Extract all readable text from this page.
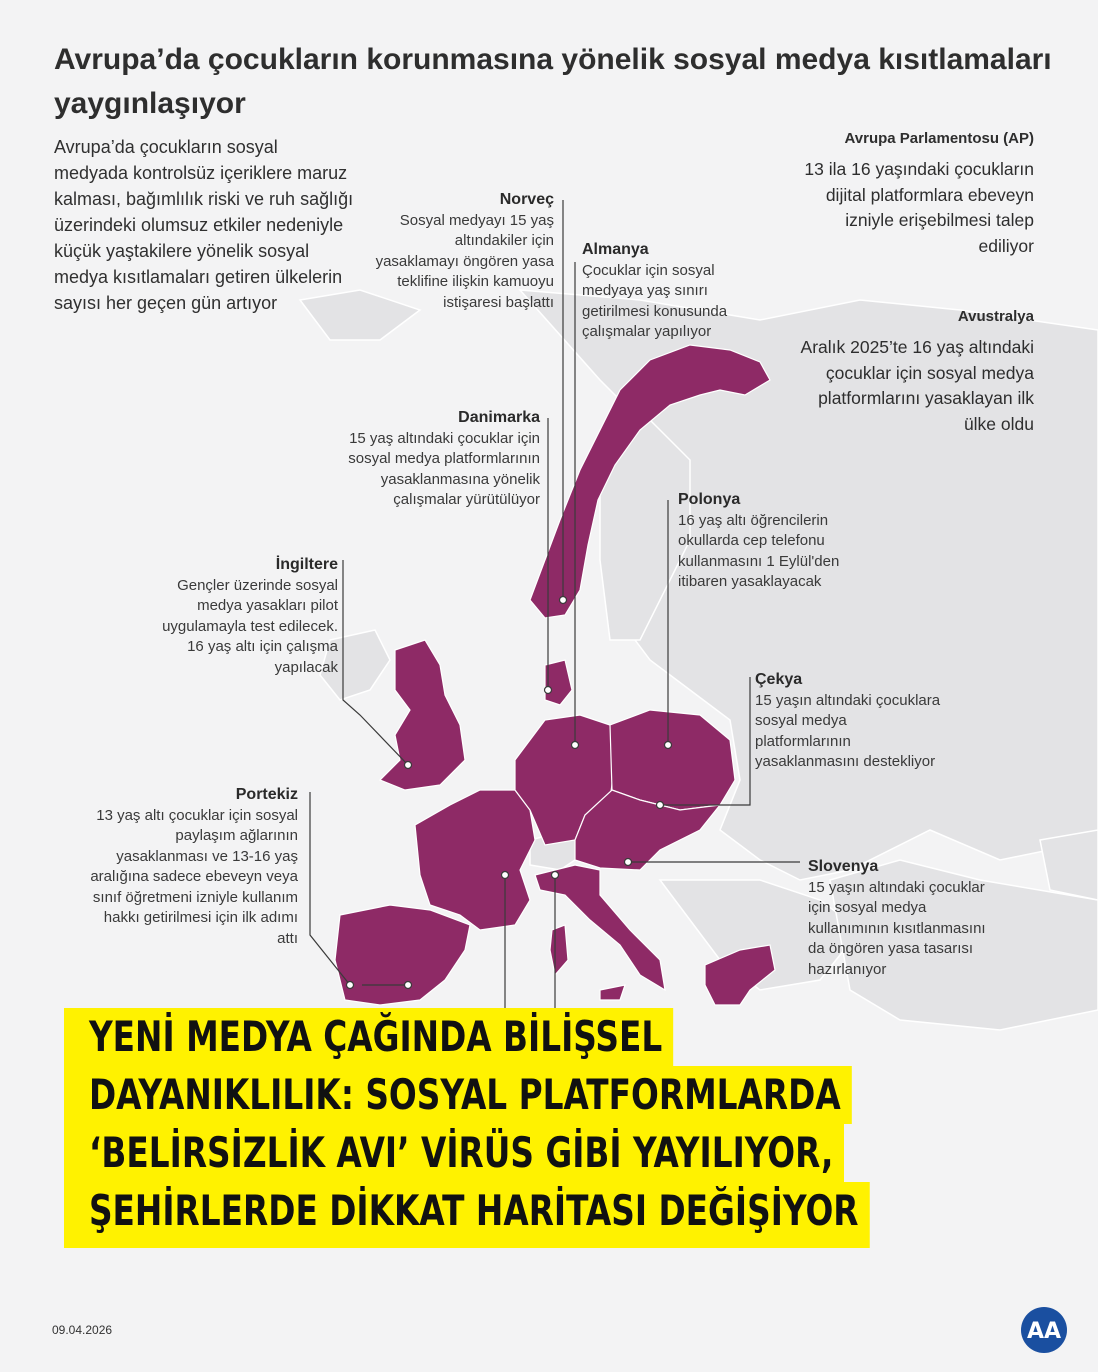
Avrupa’da çocukların korunmasına yönelik sosyal medya kısıtlamaları yaygınlaşıyor
Avrupa’da çocukların sosyal medyada kontrolsüz içeriklere maruz kalması, bağımlılık riski ve ruh sağlığı üzerindeki olumsuz etkiler nedeniyle küçük yaştakilere yönelik sosyal medya kısıtlamaları getiren ülkelerin sayısı her geçen gün artıyor
Norveç
Sosyal medyayı 15 yaş altındakiler için yasaklamayı öngören yasa teklifine ilişkin kamuoyu istişaresi başlattı
Almanya
Çocuklar için sosyal medyaya yaş sınırı getirilmesi konusunda çalışmalar yapılıyor
Danimarka
15 yaş altındaki çocuklar için sosyal medya platformlarının yasaklanmasına yönelik çalışmalar yürütülüyor	Polonya
16 yaş altı öğrencilerin okullarda cep telefonu kullanmasını 1 Eylül'den itibaren yasaklayacak
İngiltere
Gençler üzerinde sosyal medya yasakları pilot uygulamayla test edilecek. 16 yaş altı için çalışma yapılacak
Çekya
15 yaşın altındaki çocuklara sosyal medya platformlarının yasaklanmasını destekliyor
Portekiz
13 yaş altı çocuklar için sosyal paylaşım ağlarının yasaklanması ve 13-16 yaş aralığına sadece ebeveyn veya sınıf öğretmeni izniyle kullanım hakkı getirilmesi için ilk adımı attı
Slovenya
15 yaşın altındaki çocuklar için sosyal medya kullanımının kısıtlanmasını da öngören yasa tasarısı hazırlanıyor
Avrupa Parlamentosu (AP)
13 ila 16 yaşındaki çocukların dijital platformlara ebeveyn izniyle erişebilmesi talep ediliyor
Avustralya
Aralık 2025’te 16 yaş altındaki çocuklar için sosyal medya platformlarını yasaklayan ilk ülke oldu
YENİ MEDYA ÇAĞINDA BİLİŞSEL
DAYANIKLILIK: SOSYAL PLATFORMLARDA
‘BELİRSİZLİK AVI’ VİRÜS GİBİ YAYILIYOR,
ŞEHİRLERDE DİKKAT HARİTASI DEĞİŞİYOR
09.04.2026	AA
